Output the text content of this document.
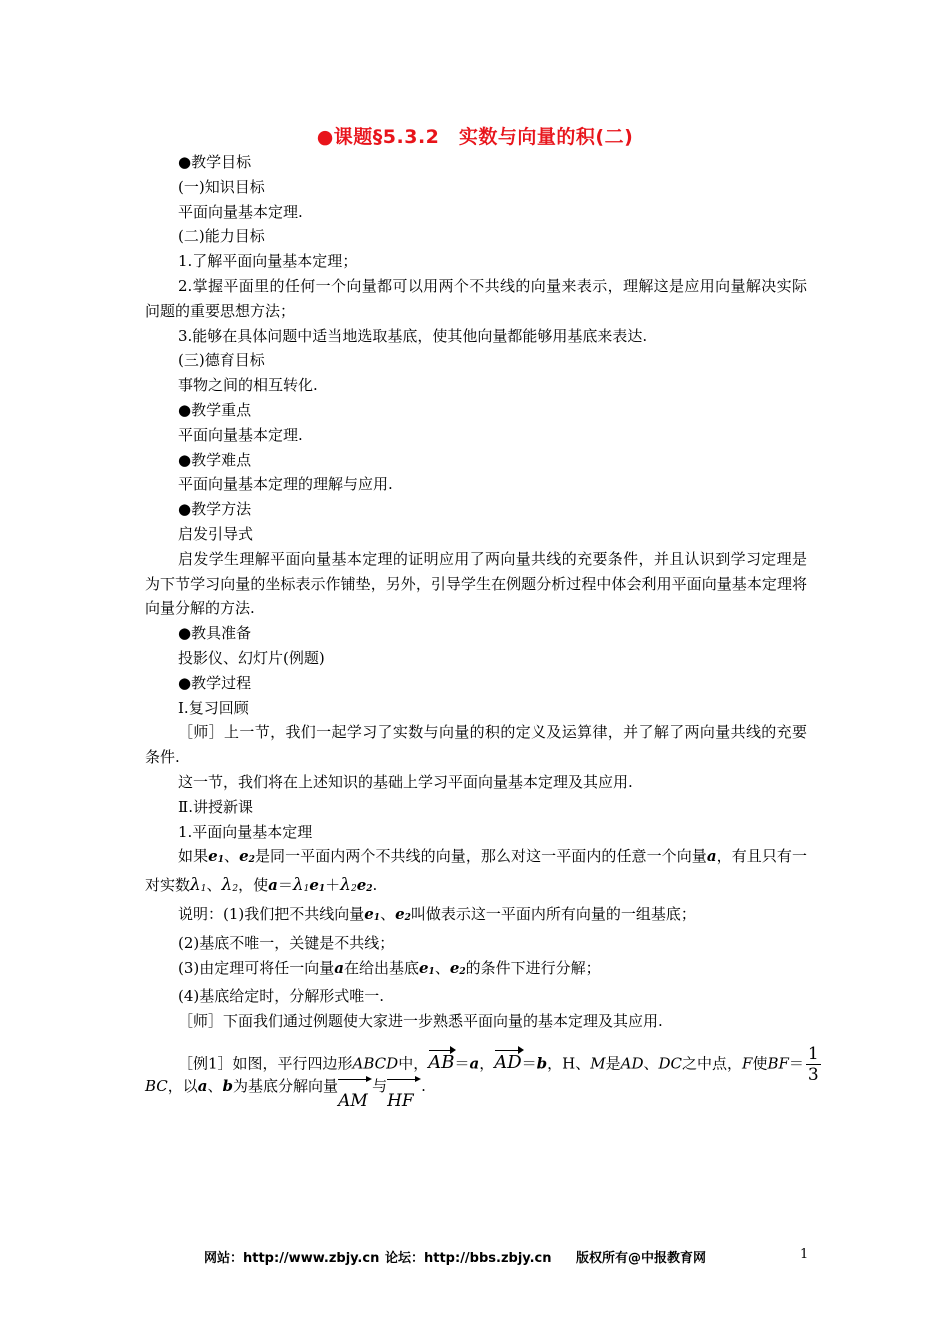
●课题§5.3.2　实数与向量的积(二)
●教学目标
(一)知识目标
平面向量基本定理.
(二)能力目标
1.了解平面向量基本定理；
2.掌握平面里的任何一个向量都可以用两个不共线的向量来表示，理解这是应用向量解决实际问题的重要思想方法；
3.能够在具体问题中适当地选取基底，使其他向量都能够用基底来表达.
(三)德育目标
事物之间的相互转化.
●教学重点
平面向量基本定理.
●教学难点
平面向量基本定理的理解与应用.
●教学方法
启发引导式
启发学生理解平面向量基本定理的证明应用了两向量共线的充要条件，并且认识到学习定理是为下节学习向量的坐标表示作铺垫，另外，引导学生在例题分析过程中体会利用平面向量基本定理将向量分解的方法.
●教具准备
投影仪、幻灯片(例题)
●教学过程
Ⅰ.复习回顾
［师］上一节，我们一起学习了实数与向量的积的定义及运算律，并了解了两向量共线的充要条件.
这一节，我们将在上述知识的基础上学习平面向量基本定理及其应用.
Ⅱ.讲授新课
1.平面向量基本定理
如果e1、e2是同一平面内两个不共线的向量，那么对这一平面内的任意一个向量a，有且只有一对实数λ1、λ2，使a＝λ1e1＋λ2e2.
说明：(1)我们把不共线向量e1、e2叫做表示这一平面内所有向量的一组基底；
(2)基底不唯一，关键是不共线；
(3)由定理可将任一向量a在给出基底e1、e2的条件下进行分解；
(4)基底给定时，分解形式唯一.
［师］下面我们通过例题使大家进一步熟悉平面向量的基本定理及其应用.
［例1］如图，平行四边形ABCD中，AB＝a，AD＝b，H、M是AD、DC之中点，F使$BF= \frac{1}{3}$
BC，以a、b为基底分解向量
AM
与
HF
.
网站：http://www.zbjy.cn 论坛：http://bbs.zbjy.cn 版权所有@中报教育网	1
